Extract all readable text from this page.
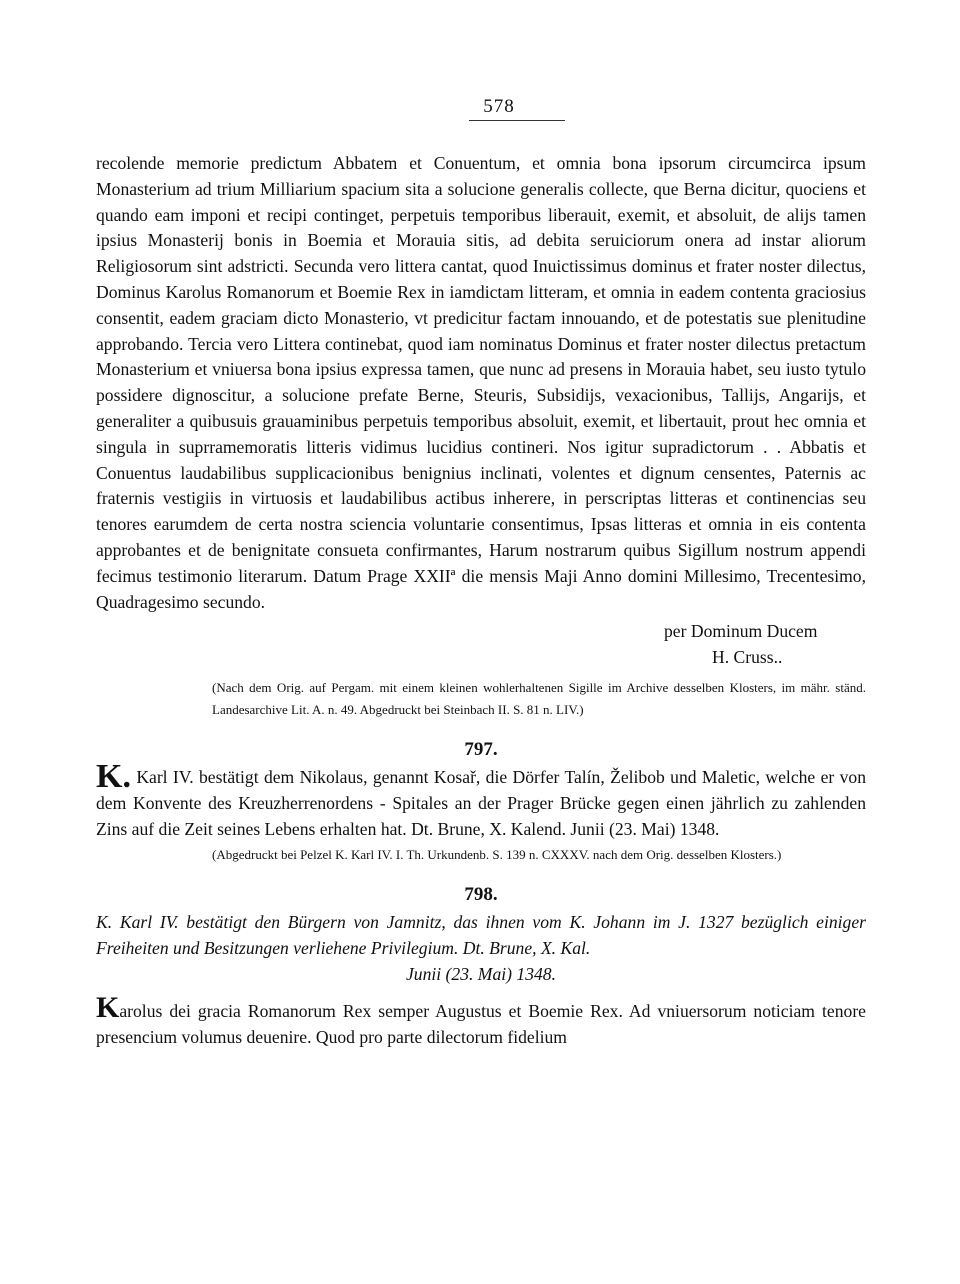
578

recolende memorie predictum Abbatem et Conuentum, et omnia bona ipsorum circumcirca ipsum Monasterium ad trium Milliarium spacium sita a solucione generalis collecte, que Berna dicitur, quociens et quando eam imponi et recipi continget, perpetuis temporibus liberauit, exemit, et absoluit, de alijs tamen ipsius Monasterij bonis in Boemia et Morauia sitis, ad debita seruiciorum onera ad instar aliorum Religiosorum sint adstricti. Secunda vero littera cantat, quod Inuictissimus dominus et frater noster dilectus, Dominus Karolus Romanorum et Boemie Rex in iamdictam litteram, et omnia in eadem contenta graciosius consentit, eadem graciam dicto Monasterio, vt predicitur factam innouando, et de potestatis sue plenitudine approbando. Tercia vero Littera continebat, quod iam nominatus Dominus et frater noster dilectus pretactum Monasterium et vniuersa bona ipsius expressa tamen, que nunc ad presens in Morauia habet, seu iusto tytulo possidere dignoscitur, a solucione prefate Berne, Steuris, Subsidijs, vexacionibus, Tallijs, Angarijs, et generaliter a quibusuis grauaminibus perpetuis temporibus absoluit, exemit, et libertauit, prout hec omnia et singula in suprramemoratis litteris vidimus lucidius contineri. Nos igitur supradictorum . . Abbatis et Conuentus laudabilibus supplicacionibus benignius inclinati, volentes et dignum censentes, Paternis ac fraternis vestigiis in virtuosis et laudabilibus actibus inherere, in perscriptas litteras et continencias seu tenores earumdem de certa nostra sciencia voluntarie consentimus, Ipsas litteras et omnia in eis contenta approbantes et de benignitate consueta confirmantes, Harum nostrarum quibus Sigillum nostrum appendi fecimus testimonio literarum. Datum Prage XXIIª die mensis Maji Anno domini Millesimo, Trecentesimo, Quadragesimo secundo.

per Dominum Ducem
H. Cruss..
(Nach dem Orig. auf Pergam. mit einem kleinen wohlerhaltenen Sigille im Archive desselben Klosters, im mähr. ständ. Landesarchive Lit. A. n. 49. Abgedruckt bei Steinbach II. S. 81 n. LIV.)
797.

K. Karl IV. bestätigt dem Nikolaus, genannt Kosař, die Dörfer Talín, Želibob und Maletic, welche er von dem Konvente des Kreuzherrenordens - Spitales an der Prager Brücke gegen einen jährlich zu zahlenden Zins auf die Zeit seines Lebens erhalten hat. Dt. Brune, X. Kalend. Junii (23. Mai) 1348.

(Abgedruckt bei Pelzel K. Karl IV. I. Th. Urkundenb. S. 139 n. CXXXV. nach dem Orig. desselben Klosters.)
798.

K. Karl IV. bestätigt den Bürgern von Jamnitz, das ihnen vom K. Johann im J. 1327 bezüglich einiger Freiheiten und Besitzungen verliehene Privilegium. Dt. Brune, X. Kal.
Junii (23. Mai) 1348.

Karolus dei gracia Romanorum Rex semper Augustus et Boemie Rex. Ad vniuersorum noticiam tenore presencium volumus deuenire. Quod pro parte dilectorum fidelium
